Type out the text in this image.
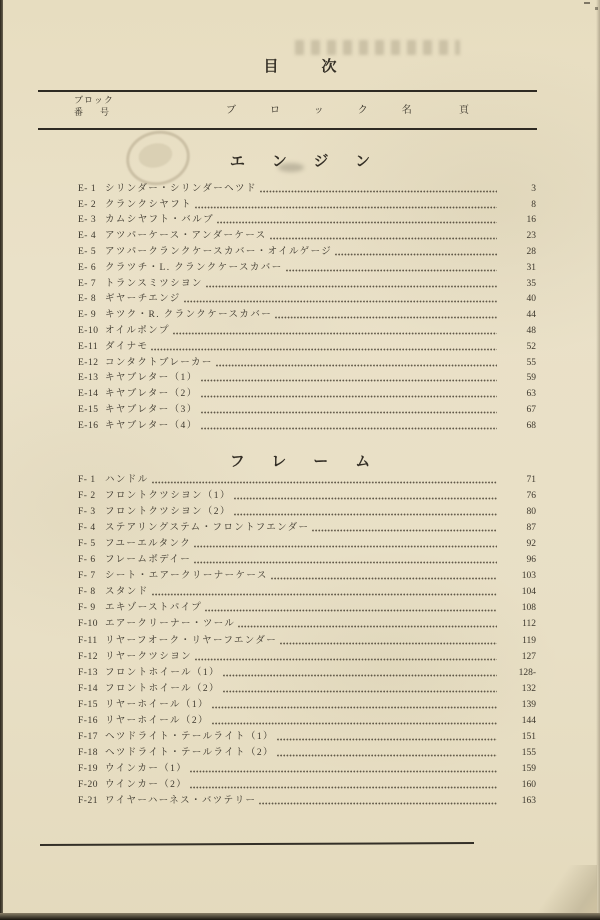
目次
ブロック
番号	ブロック名 頁
エンジン
E- 1 シリンダー・シリンダーヘツド	3
E- 2 クランクシヤフト	8
E- 3 カムシヤフト・バルブ	16
E- 4 アツパーケース・アンダーケース	23
E- 5 アツパークランクケースカバー・オイルゲージ	28
E- 6 クラツチ・L. クランクケースカバー	31
E- 7 トランスミツシヨン	35
E- 8 ギヤーチエンジ	40
E- 9 キツク・R. クランクケースカバー	44
E-10 オイルポンプ	48
E-11 ダイナモ	52
E-12 コンタクトブレーカー	55
E-13 キヤブレター（1）	59
E-14 キヤブレター（2）	63
E-15 キヤブレター（3）	67
E-16 キヤブレター（4）	68
フレーム
F- 1 ハンドル	71
F- 2 フロントクツシヨン（1）	76
F- 3 フロントクツシヨン（2）	80
F- 4 ステアリングステム・フロントフエンダー	87
F- 5 フユーエルタンク	92
F- 6 フレームボデイー	96
F- 7 シート・エアークリーナーケース	103
F- 8 スタンド	104
F- 9 エキゾーストパイプ	108
F-10 エアークリーナー・ツール	112
F-11 リヤーフオーク・リヤーフエンダー	119
F-12 リヤークツシヨン	127
F-13 フロントホイール（1）	128-
F-14 フロントホイール（2）	132
F-15 リヤーホイール（1）	139
F-16 リヤーホイール（2）	144
F-17 ヘツドライト・テールライト（1）	151
F-18 ヘツドライト・テールライト（2）	155
F-19 ウインカー（1）	159
F-20 ウインカー（2）	160
F-21 ワイヤーハーネス・バツテリー	163
